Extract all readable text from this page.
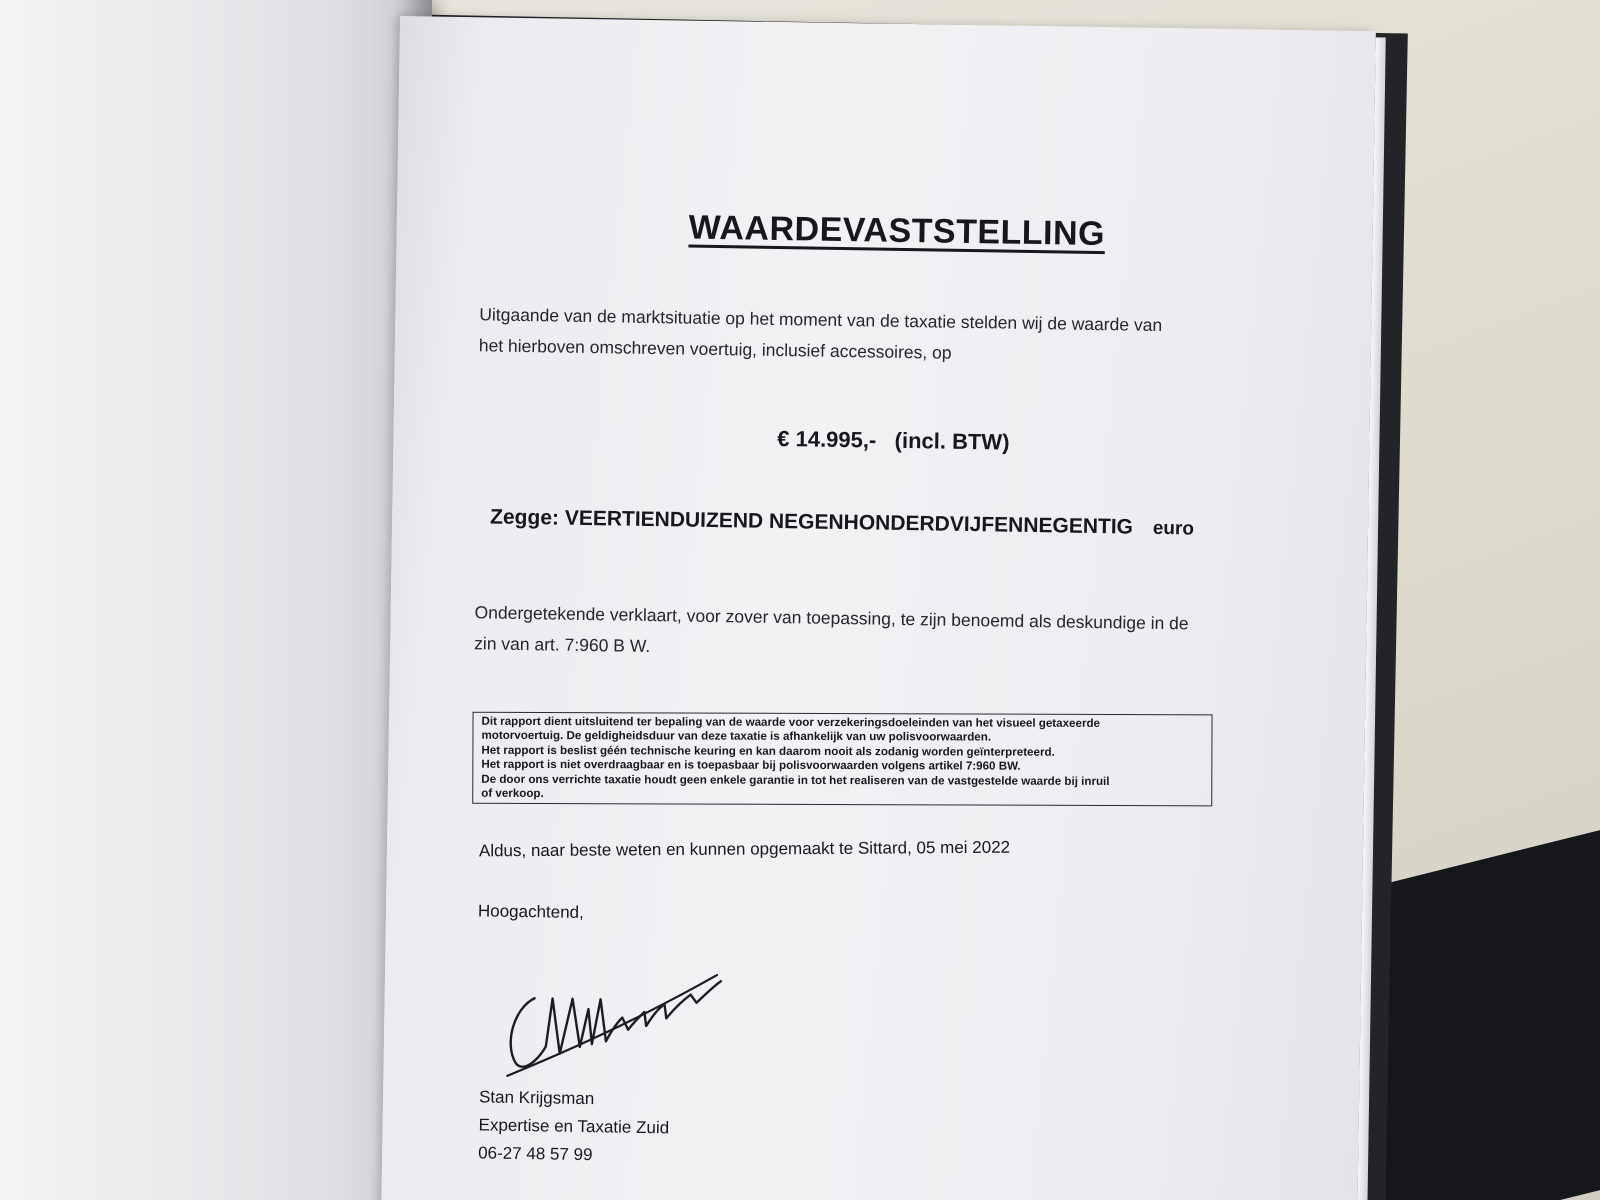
WAARDEVASTSTELLING
Uitgaande van de marktsituatie op het moment van de taxatie stelden wij de waarde van
het hierboven omschreven voertuig, inclusief accessoires, op
€ 14.995,- (incl. BTW)
Zegge: VEERTIENDUIZEND NEGENHONDERDVIJFENNEGENTIG euro
Ondergetekende verklaart, voor zover van toepassing, te zijn benoemd als deskundige in de
zin van art. 7:960 B W.
Dit rapport dient uitsluitend ter bepaling van de waarde voor verzekeringsdoeleinden van het visueel getaxeerde
motorvoertuig. De geldigheidsduur van deze taxatie is afhankelijk van uw polisvoorwaarden.
Het rapport is beslist géén technische keuring en kan daarom nooit als zodanig worden geïnterpreteerd.
Het rapport is niet overdraagbaar en is toepasbaar bij polisvoorwaarden volgens artikel 7:960 BW.
De door ons verrichte taxatie houdt geen enkele garantie in tot het realiseren van de vastgestelde waarde bij inruil
of verkoop.
Aldus, naar beste weten en kunnen opgemaakt te Sittard, 05 mei 2022
Hoogachtend,
Stan Krijgsman
Expertise en Taxatie Zuid
06-27 48 57 99
